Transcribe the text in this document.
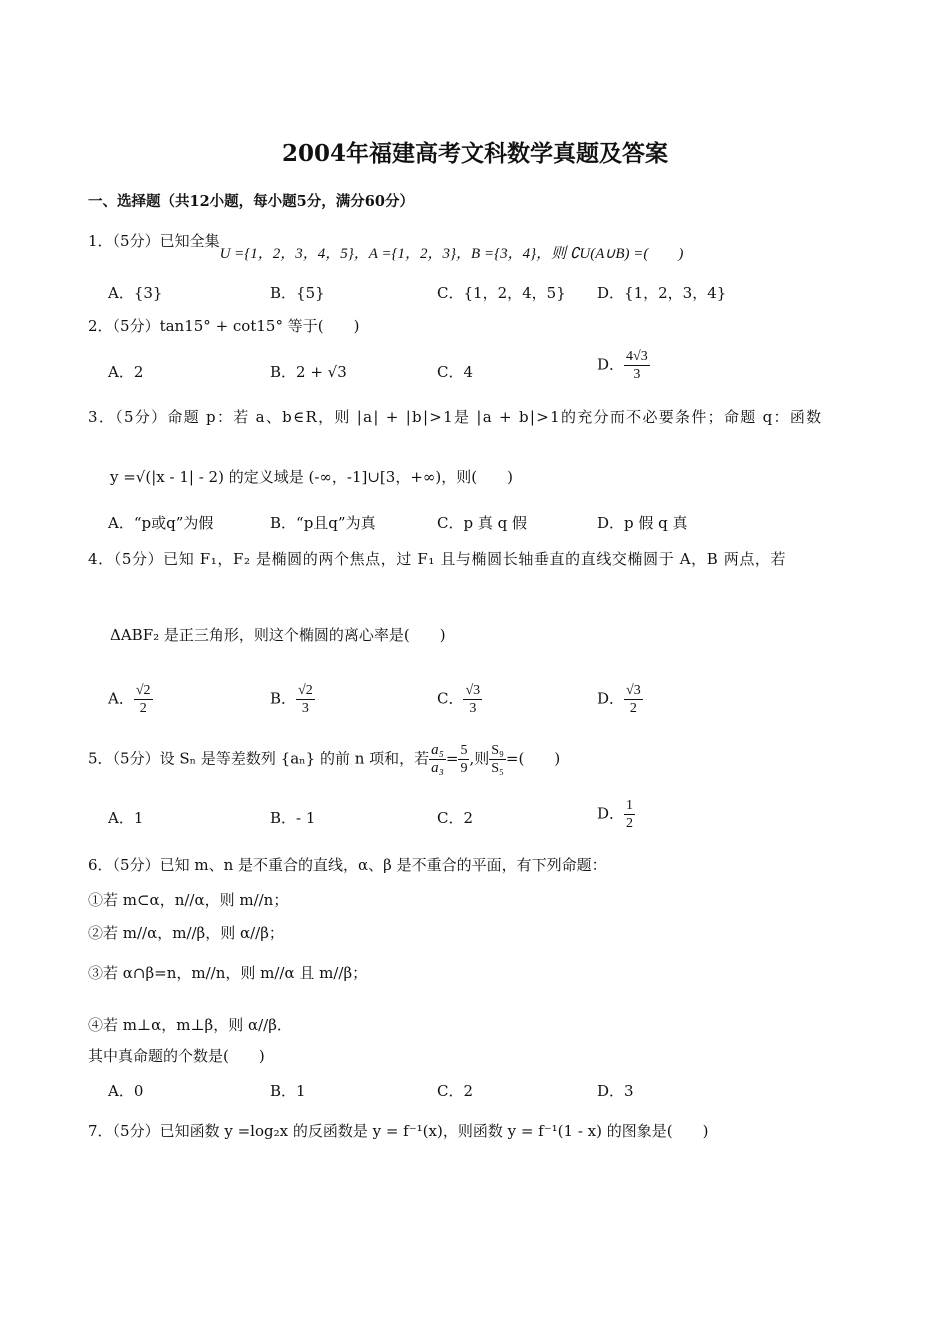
2004年福建高考文科数学真题及答案
一、选择题（共12小题，每小题5分，满分60分）
1．（5分）已知全集U ={1，2，3，4，5}，A ={1，2，3}，B ={3，4}，则 ∁U(A∪B) =(　　)
A．{3}	B．{5}	C．{1，2，4，5} D．{1，2，3，4}
2．（5分）tan15° + cot15° 等于(　　)
A．2	B．2 + √3	C．4	D． $\frac{4√3}{3}$
3．（5分）命题 p：若 a、b∈R，则 |a| + |b|>1是 |a + b|>1的充分而不必要条件；命题 q：函数
y =√(|x - 1| - 2) 的定义域是 (-∞，-1]∪[3，+∞)，则(　　)
A．“p或q”为假	B．“p且q”为真	C．p 真 q 假	D．p 假 q 真
4．（5分）已知 F₁，F₂ 是椭圆的两个焦点，过 F₁ 且与椭圆长轴垂直的直线交椭圆于 A，B 两点，若
ΔABF₂ 是正三角形，则这个椭圆的离心率是(　　)
A． $\frac{√2}{2}$	B． $\frac{√2}{3}$	C． $\frac{√3}{3}$	D． $\frac{√3}{2}$
5．（5分）设 Sₙ 是等差数列 {aₙ} 的前 n 项和，若 $\frac{\text{a₅}}{\text{a₃}} = \frac{5}{9}$ ,则 $\frac{\text{S₉}}{\text{S₅}}$ =(　　)
A．1	B．- 1	C．2	D． $\frac{1}{2}$
6．（5分）已知 m、n 是不重合的直线，α、β 是不重合的平面，有下列命题：
①若 m⊂α，n//α，则 m//n；
②若 m//α，m//β，则 α//β；
③若 α∩β=n，m//n，则 m//α 且 m//β；
④若 m⊥α，m⊥β，则 α//β．
其中真命题的个数是(　　)
A．0	B．1	C．2	D．3
7．（5分）已知函数 y =log₂x 的反函数是 y = f⁻¹(x)，则函数 y = f⁻¹(1 - x) 的图象是(　　)
